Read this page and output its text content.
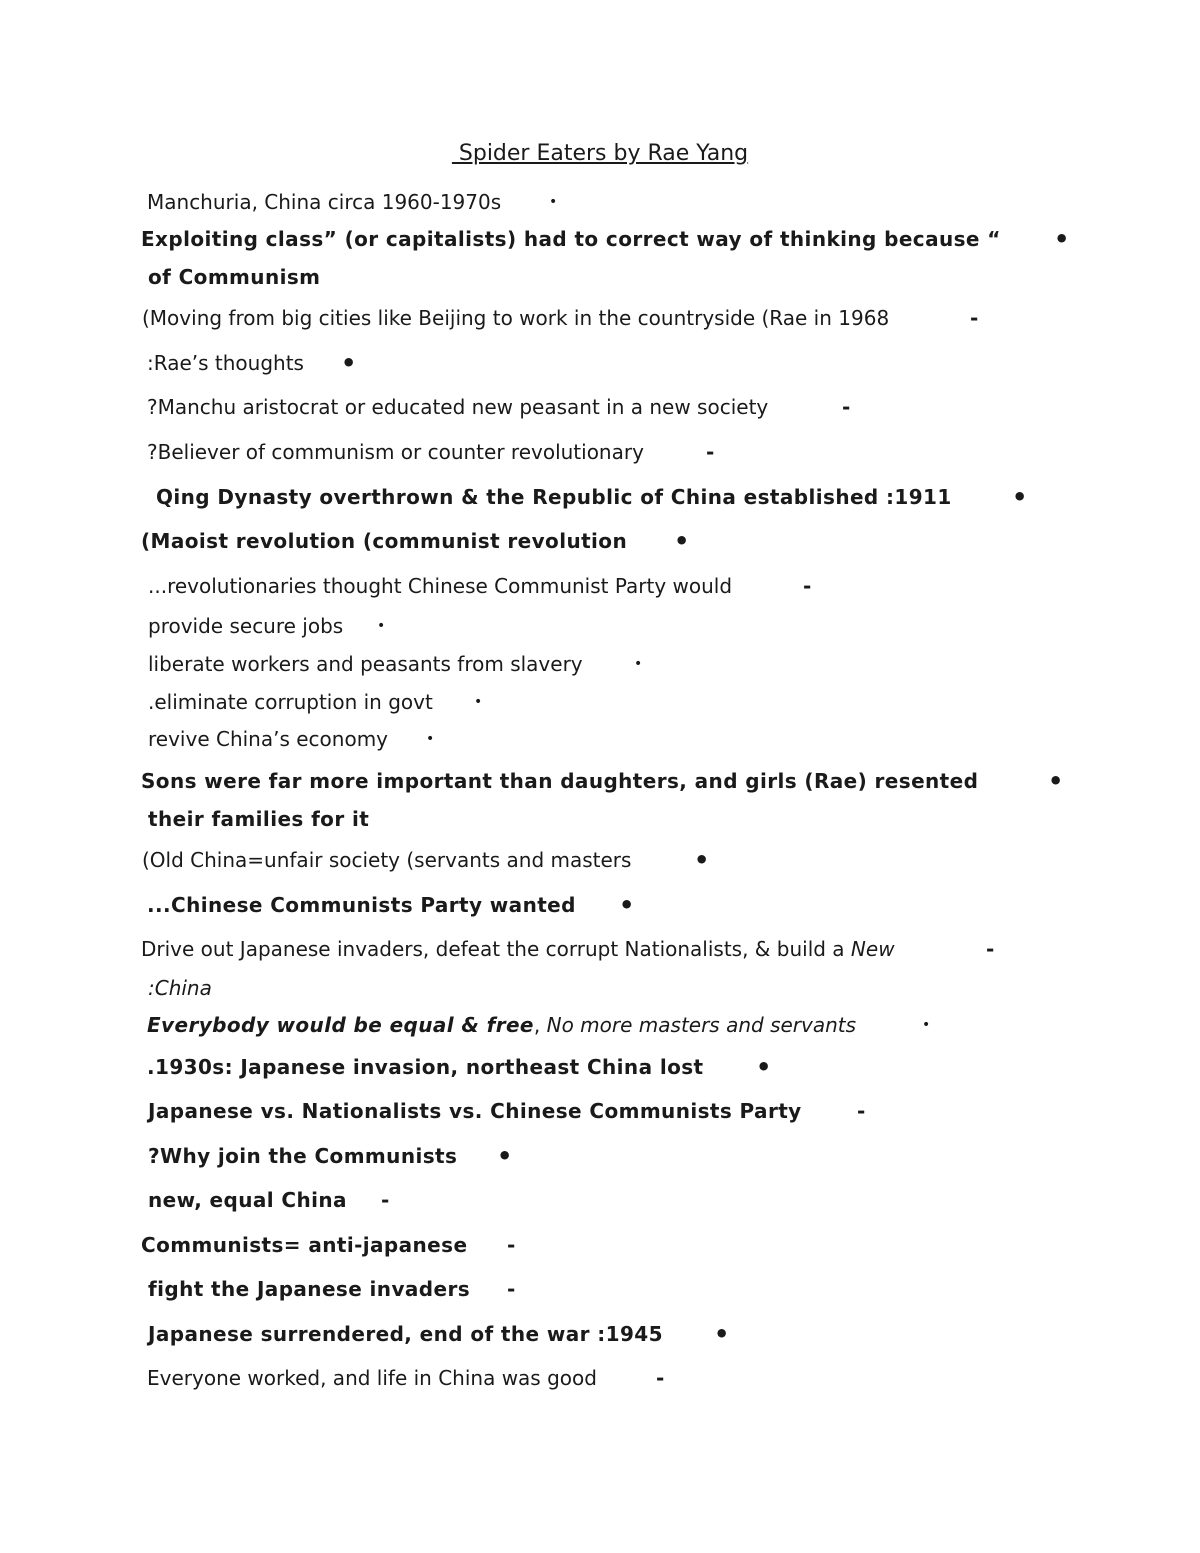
Spider Eaters by Rae Yang
Manchuria, China circa 1960-1970s	•
Exploiting class” (or capitalists) had to correct way of thinking because “ •
of Communism
(Moving from big cities like Beijing to work in the countryside (Rae in 1968	-
:Rae’s thoughts •
?Manchu aristocrat or educated new peasant in a new society	-
?Believer of communism or counter revolutionary	-
Qing Dynasty overthrown & the Republic of China established :1911	•
(Maoist revolution (communist revolution •
...revolutionaries thought Chinese Communist Party would	-
provide secure jobs •
liberate workers and peasants from slavery	•
.eliminate corruption in govt	•
revive China’s economy	•
Sons were far more important than daughters, and girls (Rae) resented	•
their families for it
(Old China=unfair society (servants and masters	•
...Chinese Communists Party wanted •
Drive out Japanese invaders, defeat the corrupt Nationalists, & build a New	-
:China
Everybody would be equal & free, No more masters and servants	•
.1930s: Japanese invasion, northeast China lost •
Japanese vs. Nationalists vs. Chinese Communists Party	-
?Why join the Communists •
new, equal China -
Communists= anti-japanese -
fight the Japanese invaders -
Japanese surrendered, end of the war :1945 •
Everyone worked, and life in China was good	-
